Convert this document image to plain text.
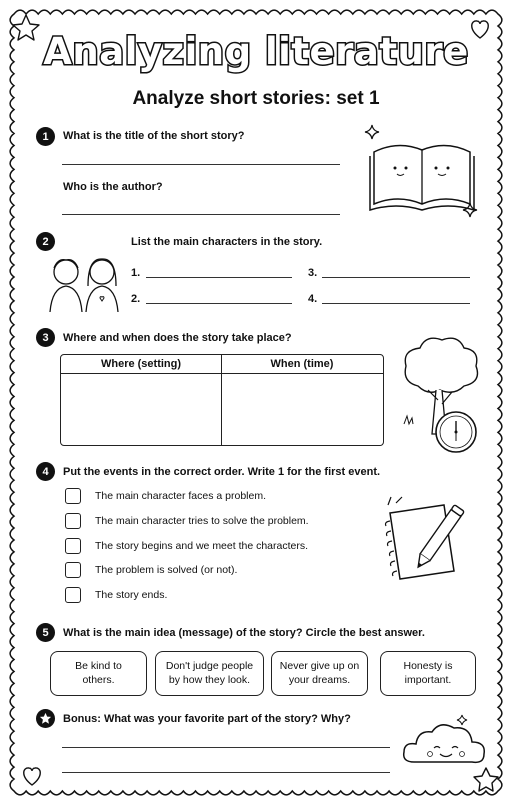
Analyzing literature
Analyze short stories: set 1
1	What is the title of the short story?
Who is the author?
2	List the main characters in the story.
1.	3.
2.	4.
3	Where and when does the story take place?
Where (setting)	When (time)
4	Put the events in the correct order. Write 1 for the first event.
The main character faces a problem.
The main character tries to solve the problem.
The story begins and we meet the characters.
The problem is solved (or not).
The story ends.
5	What is the main idea (message) of the story? Circle the best answer.
Be kind to
others.
Don't judge people
by how they look.
Never give up on
your dreams.
Honesty is
important.
Bonus: What was your favorite part of the story? Why?
